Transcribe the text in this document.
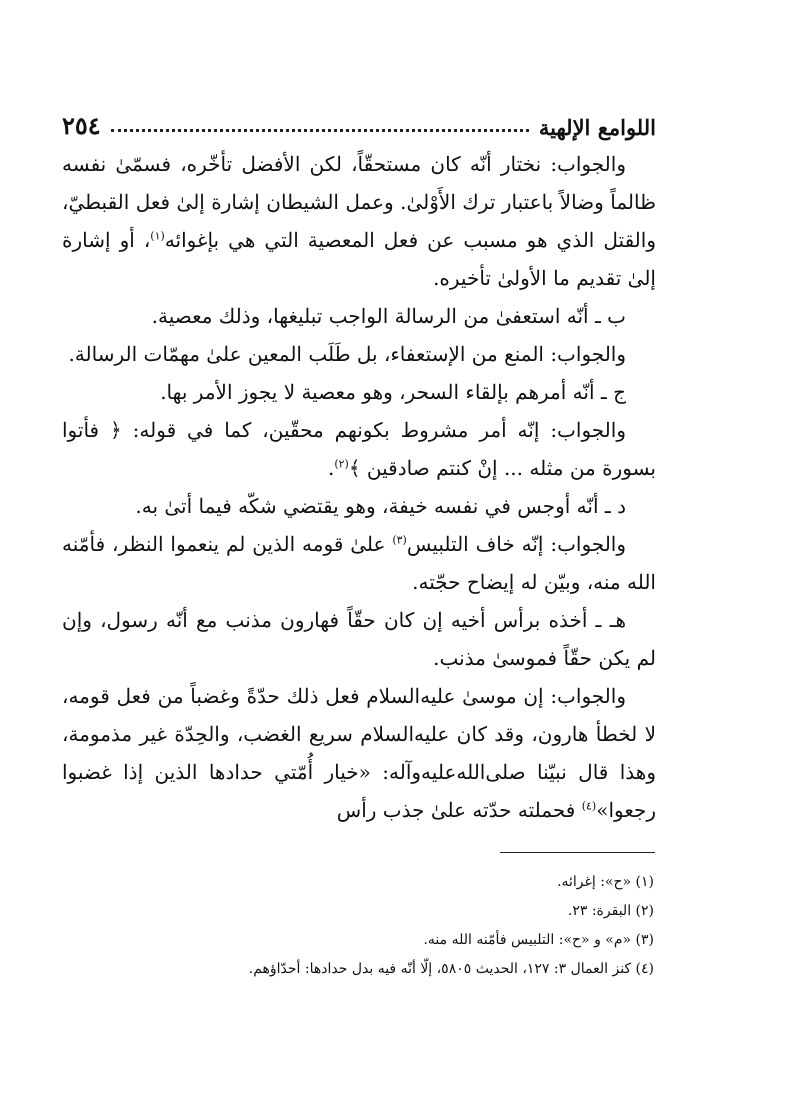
اللوامع الإلهية
٢٥٤

والجواب: نختار أنّه كان مستحقّاً، لكن الأفضل تأخّره، فسمّىٰ نفسه ظالماً وضالاً باعتبار ترك الأَوْلىٰ. وعمل الشيطان إشارة إلىٰ فعل القبطيّ، والقتل الذي هو مسبب عن فعل المعصية التي هي بإغوائه$^{(١)}$، أو إشارة إلىٰ تقديم ما الأولىٰ تأخيره.

ب ـ أنّه استعفىٰ من الرسالة الواجب تبليغها، وذلك معصية.

والجواب: المنع من الإستعفاء، بل طَلَب المعين علىٰ مهمّات الرسالة.

ج ـ أنّه أمرهم بإلقاء السحر، وهو معصية لا يجوز الأمر بها.

والجواب: إنّه أمر مشروط بكونهم محقّين، كما في قوله: ﴿ فأتوا بسورة من مثله ... إنْ كنتم صادقين ﴾$^{(٢)}$.

د ـ أنّه أوجس في نفسه خيفة، وهو يقتضي شكّه فيما أتىٰ به.

والجواب: إنّه خاف التلبيس$^{(٣)}$ علىٰ قومه الذين لم ينعموا النظر، فأمّنه الله منه، وبيّن له إيضاح حجّته.

هـ ـ أخذه برأس أخيه إن كان حقّاً فهارون مذنب مع أنّه رسول، وإن لم يكن حقّاً فموسىٰ مذنب.

والجواب: إن موسىٰ عليه‌السلام فعل ذلك حدّةً وغضباً من فعل قومه، لا لخطأ هارون، وقد كان عليه‌السلام سريع الغضب، والحِدّة غير مذمومة، وهذا قال نبيّنا صلى‌الله‌عليه‌وآله: «خيار أُمّتي حدادها الذين إذا غضبوا رجعوا»$^{(٤)}$ فحملته حدّته علىٰ جذب رأس

(١) «ح»: إغرائه.

(٢) البقرة: ٢٣.

(٣) «م» و «ح»: التلبيس فأمّنه الله منه.

(٤) كنز العمال ٣: ١٢٧، الحديث ٥٨٠٥، إلّا أنّه فيه بدل حدادها: أحدّاؤهم.
